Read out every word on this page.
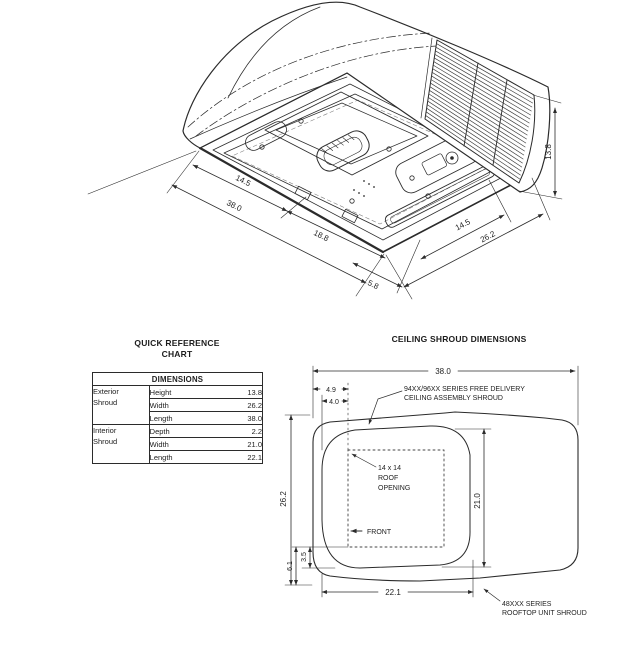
14.5
38.0
18.8
5.8
14.5
26.2
13.8
38.0
4.9
4.0
26.2	21.0
6.1
3.5
22.1
FRONT
14 x 14
ROOF
OPENING
94XX/96XX SERIES FREE DELIVERY
CEILING ASSEMBLY SHROUD
48XXX SERIES
ROOFTOP UNIT SHROUD
QUICK REFERENCE
CHART
DIMENSIONS		

Exterior
Shroud	Height	13.8
	Width	26.2
	Length	38.0

Interior
Shroud	Depth	2.2
	Width	21.0
	Length	22.1
CEILING SHROUD DIMENSIONS
